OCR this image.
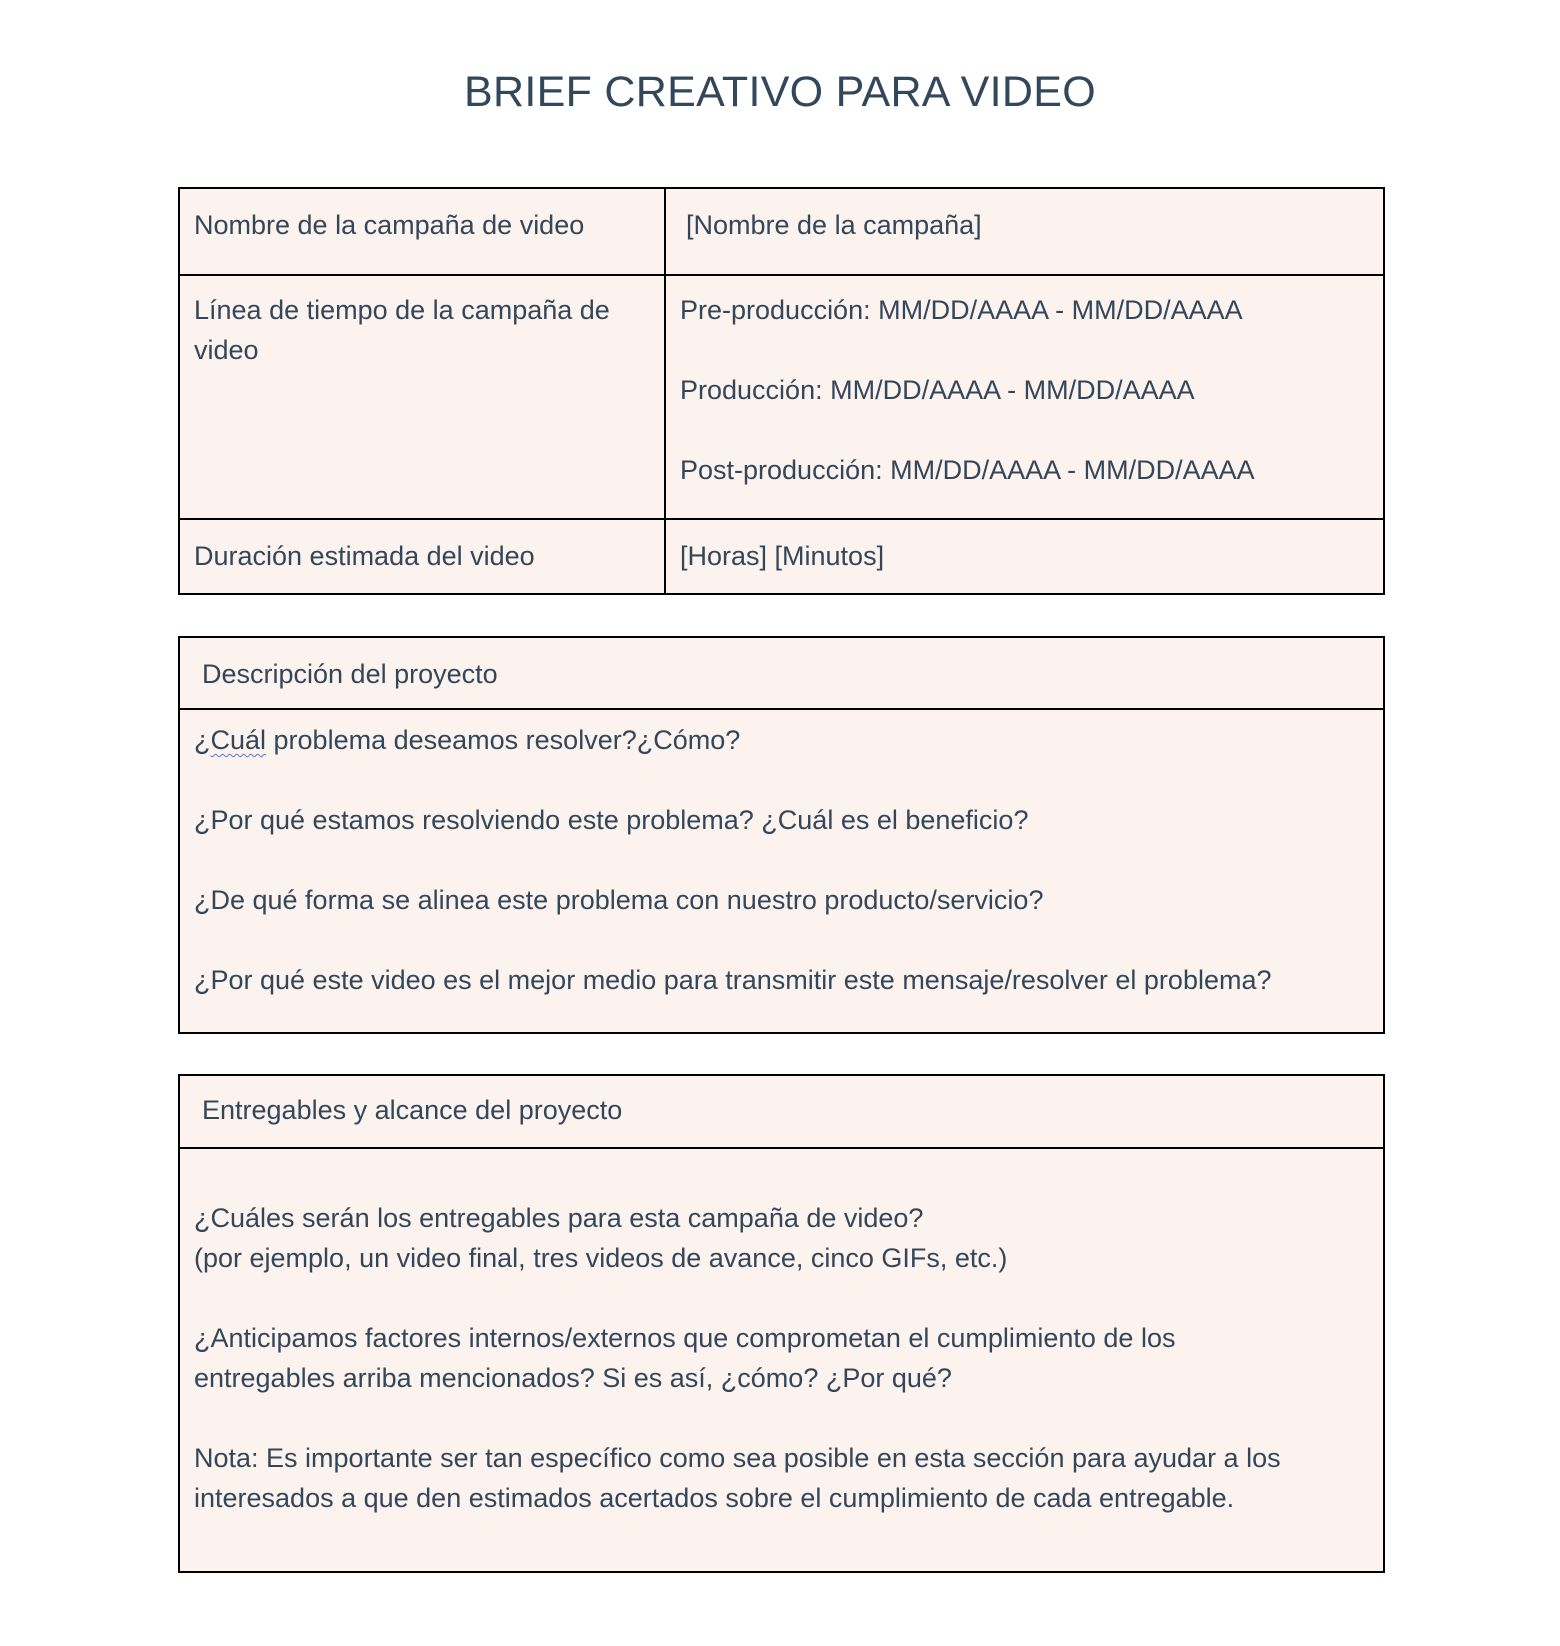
BRIEF CREATIVO PARA VIDEO
Nombre de la campaña de video	[Nombre de la campaña]
Línea de tiempo de la campaña de video
Pre-producción: MM/DD/AAAA - MM/DD/AAAA
Producción: MM/DD/AAAA - MM/DD/AAAA
Post-producción: MM/DD/AAAA - MM/DD/AAAA
Duración estimada del video	[Horas] [Minutos]
Descripción del proyecto
¿Cuál problema deseamos resolver?¿Cómo?
¿Por qué estamos resolviendo este problema? ¿Cuál es el beneficio?
¿De qué forma se alinea este problema con nuestro producto/servicio?
¿Por qué este video es el mejor medio para transmitir este mensaje/resolver el problema?
Entregables y alcance del proyecto
¿Cuáles serán los entregables para esta campaña de video?
(por ejemplo, un video final, tres videos de avance, cinco GIFs, etc.)
¿Anticipamos factores internos/externos que comprometan el cumplimiento de los
entregables arriba mencionados? Si es así, ¿cómo? ¿Por qué?
Nota: Es importante ser tan específico como sea posible en esta sección para ayudar a los
interesados a que den estimados acertados sobre el cumplimiento de cada entregable.
